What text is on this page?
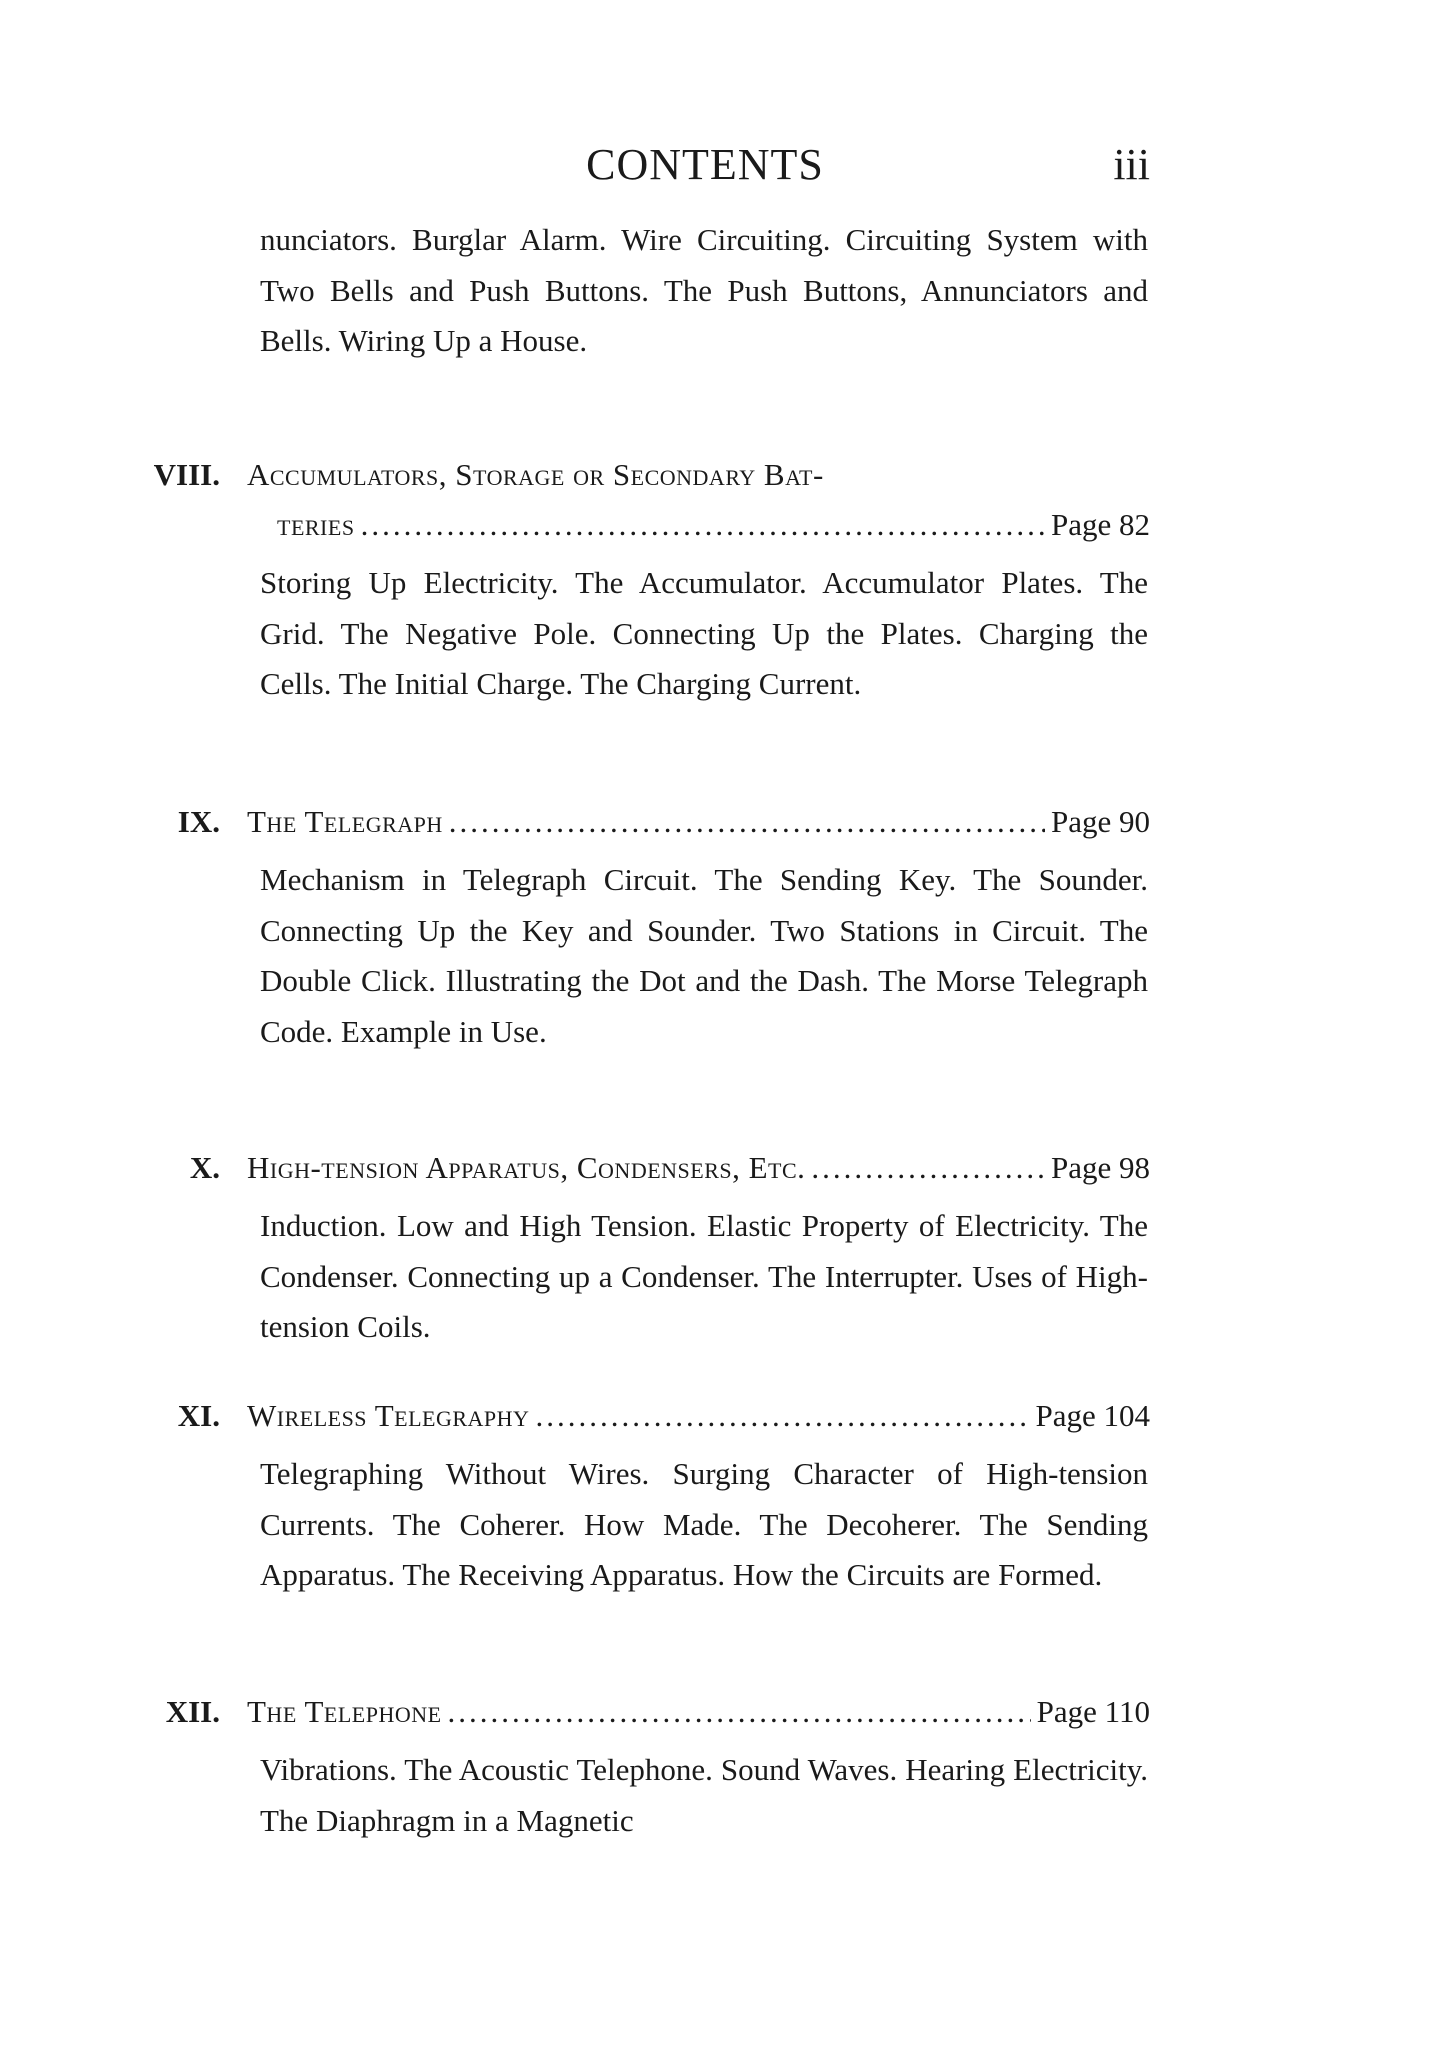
CONTENTS	iii
nunciators. Burglar Alarm. Wire Circuiting. Circuiting System with Two Bells and Push Buttons. The Push Buttons, Annunciators and Bells. Wiring Up a House.
VIII. Accumulators, Storage or Secondary Bat-
teries .....	Page 82
Storing Up Electricity. The Accumulator. Accumulator Plates. The Grid. The Negative Pole. Connecting Up the Plates. Charging the Cells. The Initial Charge. The Charging Current.
IX. The Telegraph .....	Page 90
Mechanism in Telegraph Circuit. The Sending Key. The Sounder. Connecting Up the Key and Sounder. Two Stations in Circuit. The Double Click. Illustrating the Dot and the Dash. The Morse Telegraph Code. Example in Use.
X. High-tension Apparatus, Condensers, Etc. .....	Page 98
Induction. Low and High Tension. Elastic Property of Electricity. The Condenser. Connecting up a Condenser. The Interrupter. Uses of High-tension Coils.
XI. Wireless Telegraphy .....	Page 104
Telegraphing Without Wires. Surging Character of High-tension Currents. The Coherer. How Made. The Decoherer. The Sending Apparatus. The Receiving Apparatus. How the Circuits are Formed.
XII. The Telephone .....	Page 110
Vibrations. The Acoustic Telephone. Sound Waves. Hearing Electricity. The Diaphragm in a Magnetic
